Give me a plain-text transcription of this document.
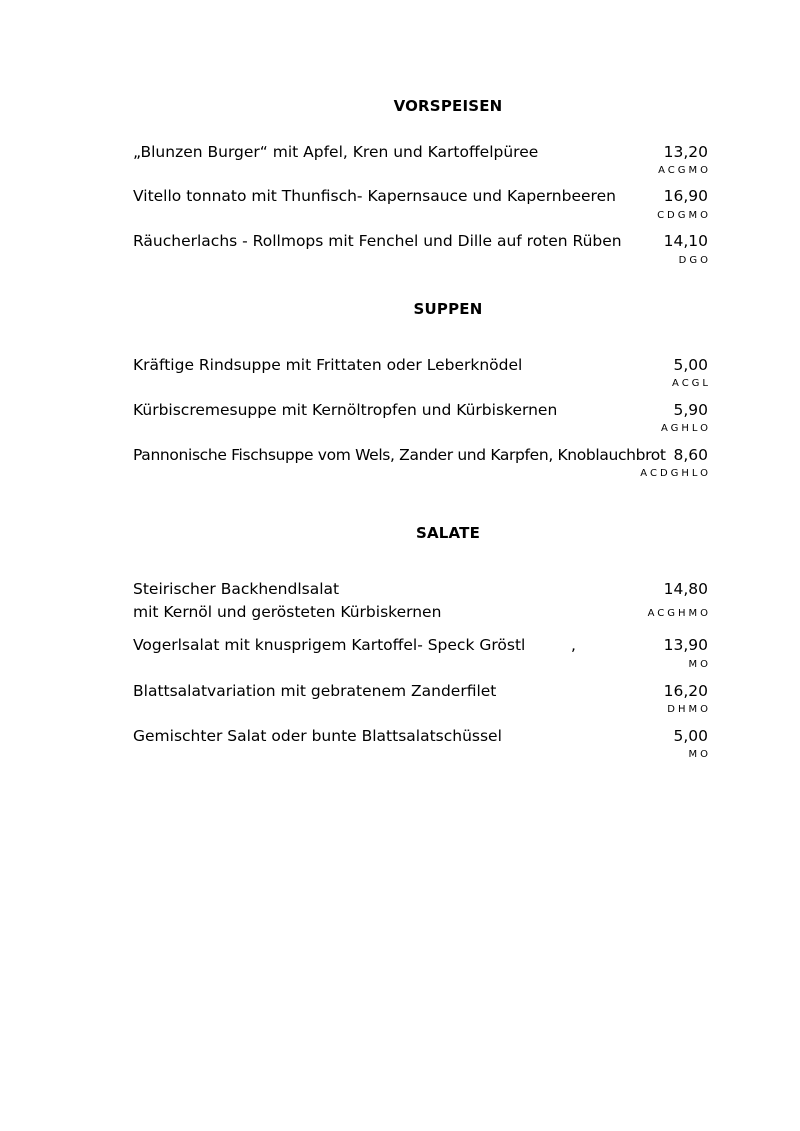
VORSPEISEN
„Blunzen Burger“ mit Apfel, Kren und Kartoffelpüree	13,20
ACGMO
Vitello tonnato mit Thunfisch- Kapernsauce und Kapernbeeren	16,90
CDGMO
Räucherlachs - Rollmops mit Fenchel und Dille auf roten Rüben	14,10
DGO
SUPPEN
Kräftige Rindsuppe mit Frittaten oder Leberknödel	5,00
ACGL
Kürbiscremesuppe mit Kernöltropfen und Kürbiskernen	5,90
AGHLO
Pannonische Fischsuppe vom Wels, Zander und Karpfen, Knoblauchbrot 8,60
ACDGHLO
SALATE
Steirischer Backhendlsalat
mit Kernöl und gerösteten Kürbiskernen
14,80
ACGHMO
Vogerlsalat mit knusprigem Kartoffel- Speck Gröstl	,	13,90
MO
Blattsalatvariation mit gebratenem Zanderfilet	16,20
DHMO
Gemischter Salat oder bunte Blattsalatschüssel	5,00
MO
